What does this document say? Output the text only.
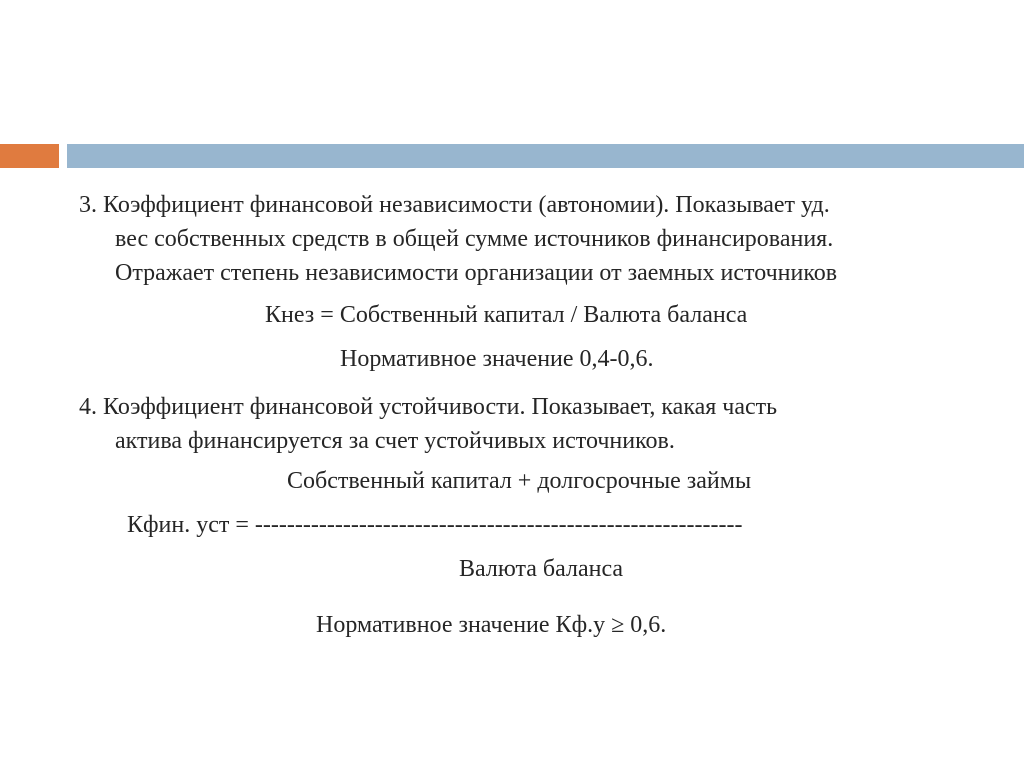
3. Коэффициент финансовой независимости (автономии). Показывает уд.
вес собственных средств в общей сумме источников финансирования.
Отражает степень независимости организации от заемных источников
Кнез = Собственный капитал / Валюта баланса
Нормативное значение 0,4-0,6.
4. Коэффициент финансовой устойчивости. Показывает, какая часть
актива финансируется за счет устойчивых источников.
Собственный капитал + долгосрочные займы
Кфин. уст = -------------------------------------------------------------
Валюта баланса
Нормативное значение Кф.у ≥ 0,6.
